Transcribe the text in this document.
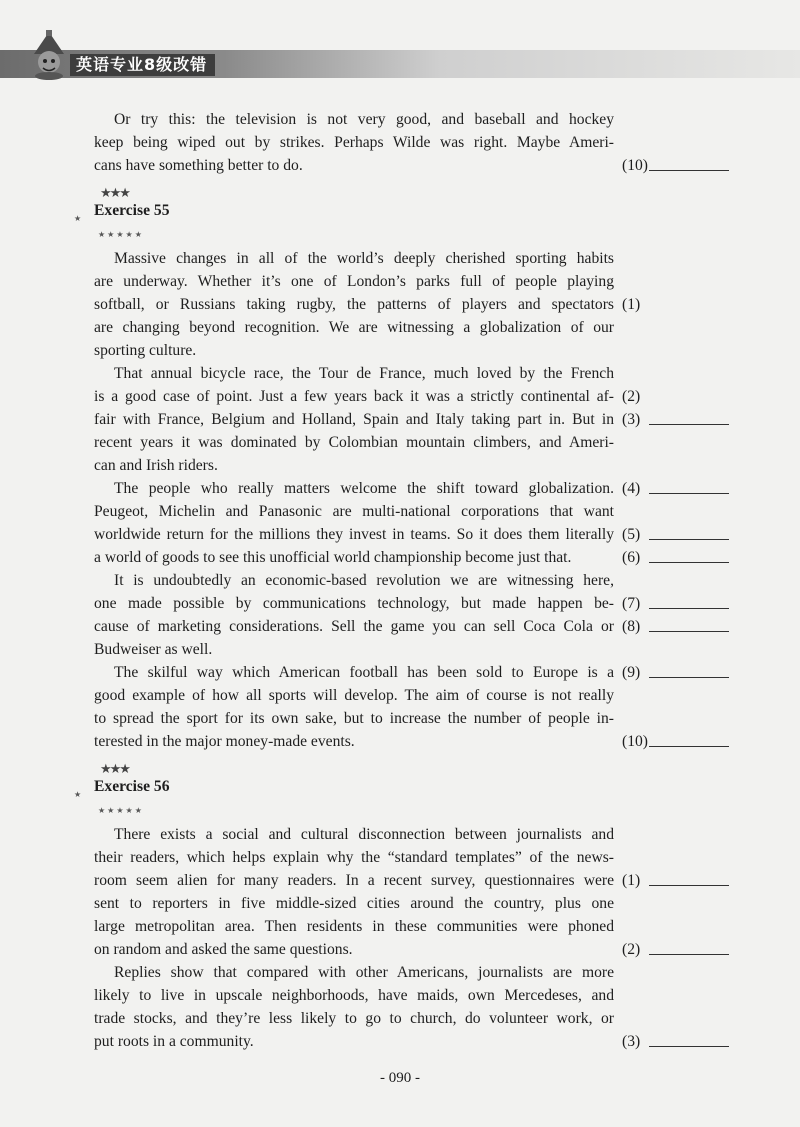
英语专业8级改错
Or try this: the television is not very good, and baseball and hockey
keep being wiped out by strikes. Perhaps Wilde was right. Maybe Ameri-
cans have something better to do.	(10)
★★★
★ Exercise 55
★ ★ ★ ★ ★
Massive changes in all of the world’s deeply cherished sporting habits
are underway. Whether it’s one of London’s parks full of people playing
softball, or Russians taking rugby, the patterns of players and spectators (1)
are changing beyond recognition. We are witnessing a globalization of our
sporting culture.
That annual bicycle race, the Tour de France, much loved by the French
is a good case of point. Just a few years back it was a strictly continental af- (2)
fair with France, Belgium and Holland, Spain and Italy taking part in. But in (3)
recent years it was dominated by Colombian mountain climbers, and Ameri-
can and Irish riders.
The people who really matters welcome the shift toward globalization. (4)
Peugeot, Michelin and Panasonic are multi-national corporations that want
worldwide return for the millions they invest in teams. So it does them literally (5)
a world of goods to see this unofficial world championship become just that.	(6)
It is undoubtedly an economic-based revolution we are witnessing here,
one made possible by communications technology, but made happen be- (7)
cause of marketing considerations. Sell the game you can sell Coca Cola or (8)
Budweiser as well.
The skilful way which American football has been sold to Europe is a (9)
good example of how all sports will develop. The aim of course is not really
to spread the sport for its own sake, but to increase the number of people in-
terested in the major money-made events.	(10)
★★★
★ Exercise 56
★ ★ ★ ★ ★
There exists a social and cultural disconnection between journalists and
their readers, which helps explain why the “standard templates” of the news-
room seem alien for many readers. In a recent survey, questionnaires were (1)
sent to reporters in five middle-sized cities around the country, plus one
large metropolitan area. Then residents in these communities were phoned
on random and asked the same questions.	(2)
Replies show that compared with other Americans, journalists are more
likely to live in upscale neighborhoods, have maids, own Mercedeses, and
trade stocks, and they’re less likely to go to church, do volunteer work, or
put roots in a community.	(3)
- 090 -
